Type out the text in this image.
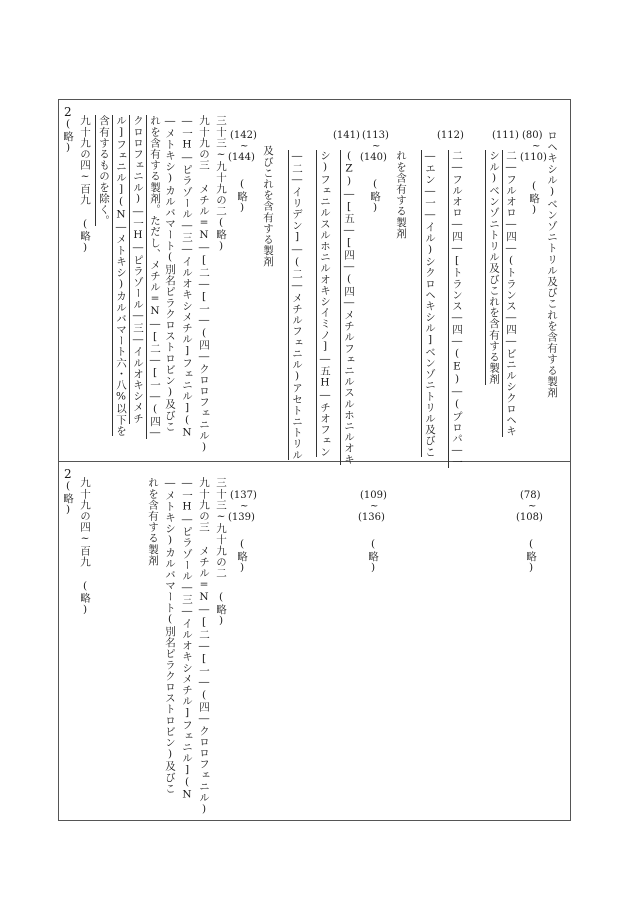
2
ロヘキシル)ベンゾニトリル及びこれを含有する製剤
(111) (80)
~
(110)
(略)
二―フルオロ―四―(トランス―四―ビニルシクロヘキ
シル)ベンゾニトリル及びこれを含有する製剤
(112)
二―フルオロ―四―[トランス―四―(E)―(プロパ―一
―エン―一―イル)シクロヘキシル]ベンゾニトリル及びこ
れを含有する製剤
(141) (113)
~
(140)
(略)
(Z)―[五―[四―(四―メチルフェニルスルホニルオキ
シ)フェニルスルホニルオキシイミノ]―五H―チオフェン
―二―イリデン]―(二―メチルフェニル)アセトニトリル
及びこれを含有する製剤
(142)
~
(144)
(略)
三十三~九十九の二(略)
九十九の三 メチル=N―[二―[一―(四―クロロフェニル)
―一H―ピラゾール―三―イルオキシメチル]フェニル](N
―メトキシ)カルバマート(別名ピラクロストロビン)及びこ
れを含有する製剤。ただし、メチル=N―[二―[一―(四―
クロロフェニル)―一H―ピラゾール―三―イルオキシメチ
ル]フェニル](N―メトキシ)カルバマート六・八%以下を
含有するものを除く。
九十九の四~百九 (略)
(略)
2
(78)
~
(108)
(略)
(109)
~
(136)
(略)
(137)
~
(139)
(略)
三十三~九十九の二 (略)
九十九の三 メチル=N―[二―[一―(四―クロロフェニル)
―一H―ピラゾール―三―イルオキシメチル]フェニル](N
―メトキシ)カルバマート(別名ピラクロストロビン)及びこ
れを含有する製剤
九十九の四~百九 (略)
(略)
